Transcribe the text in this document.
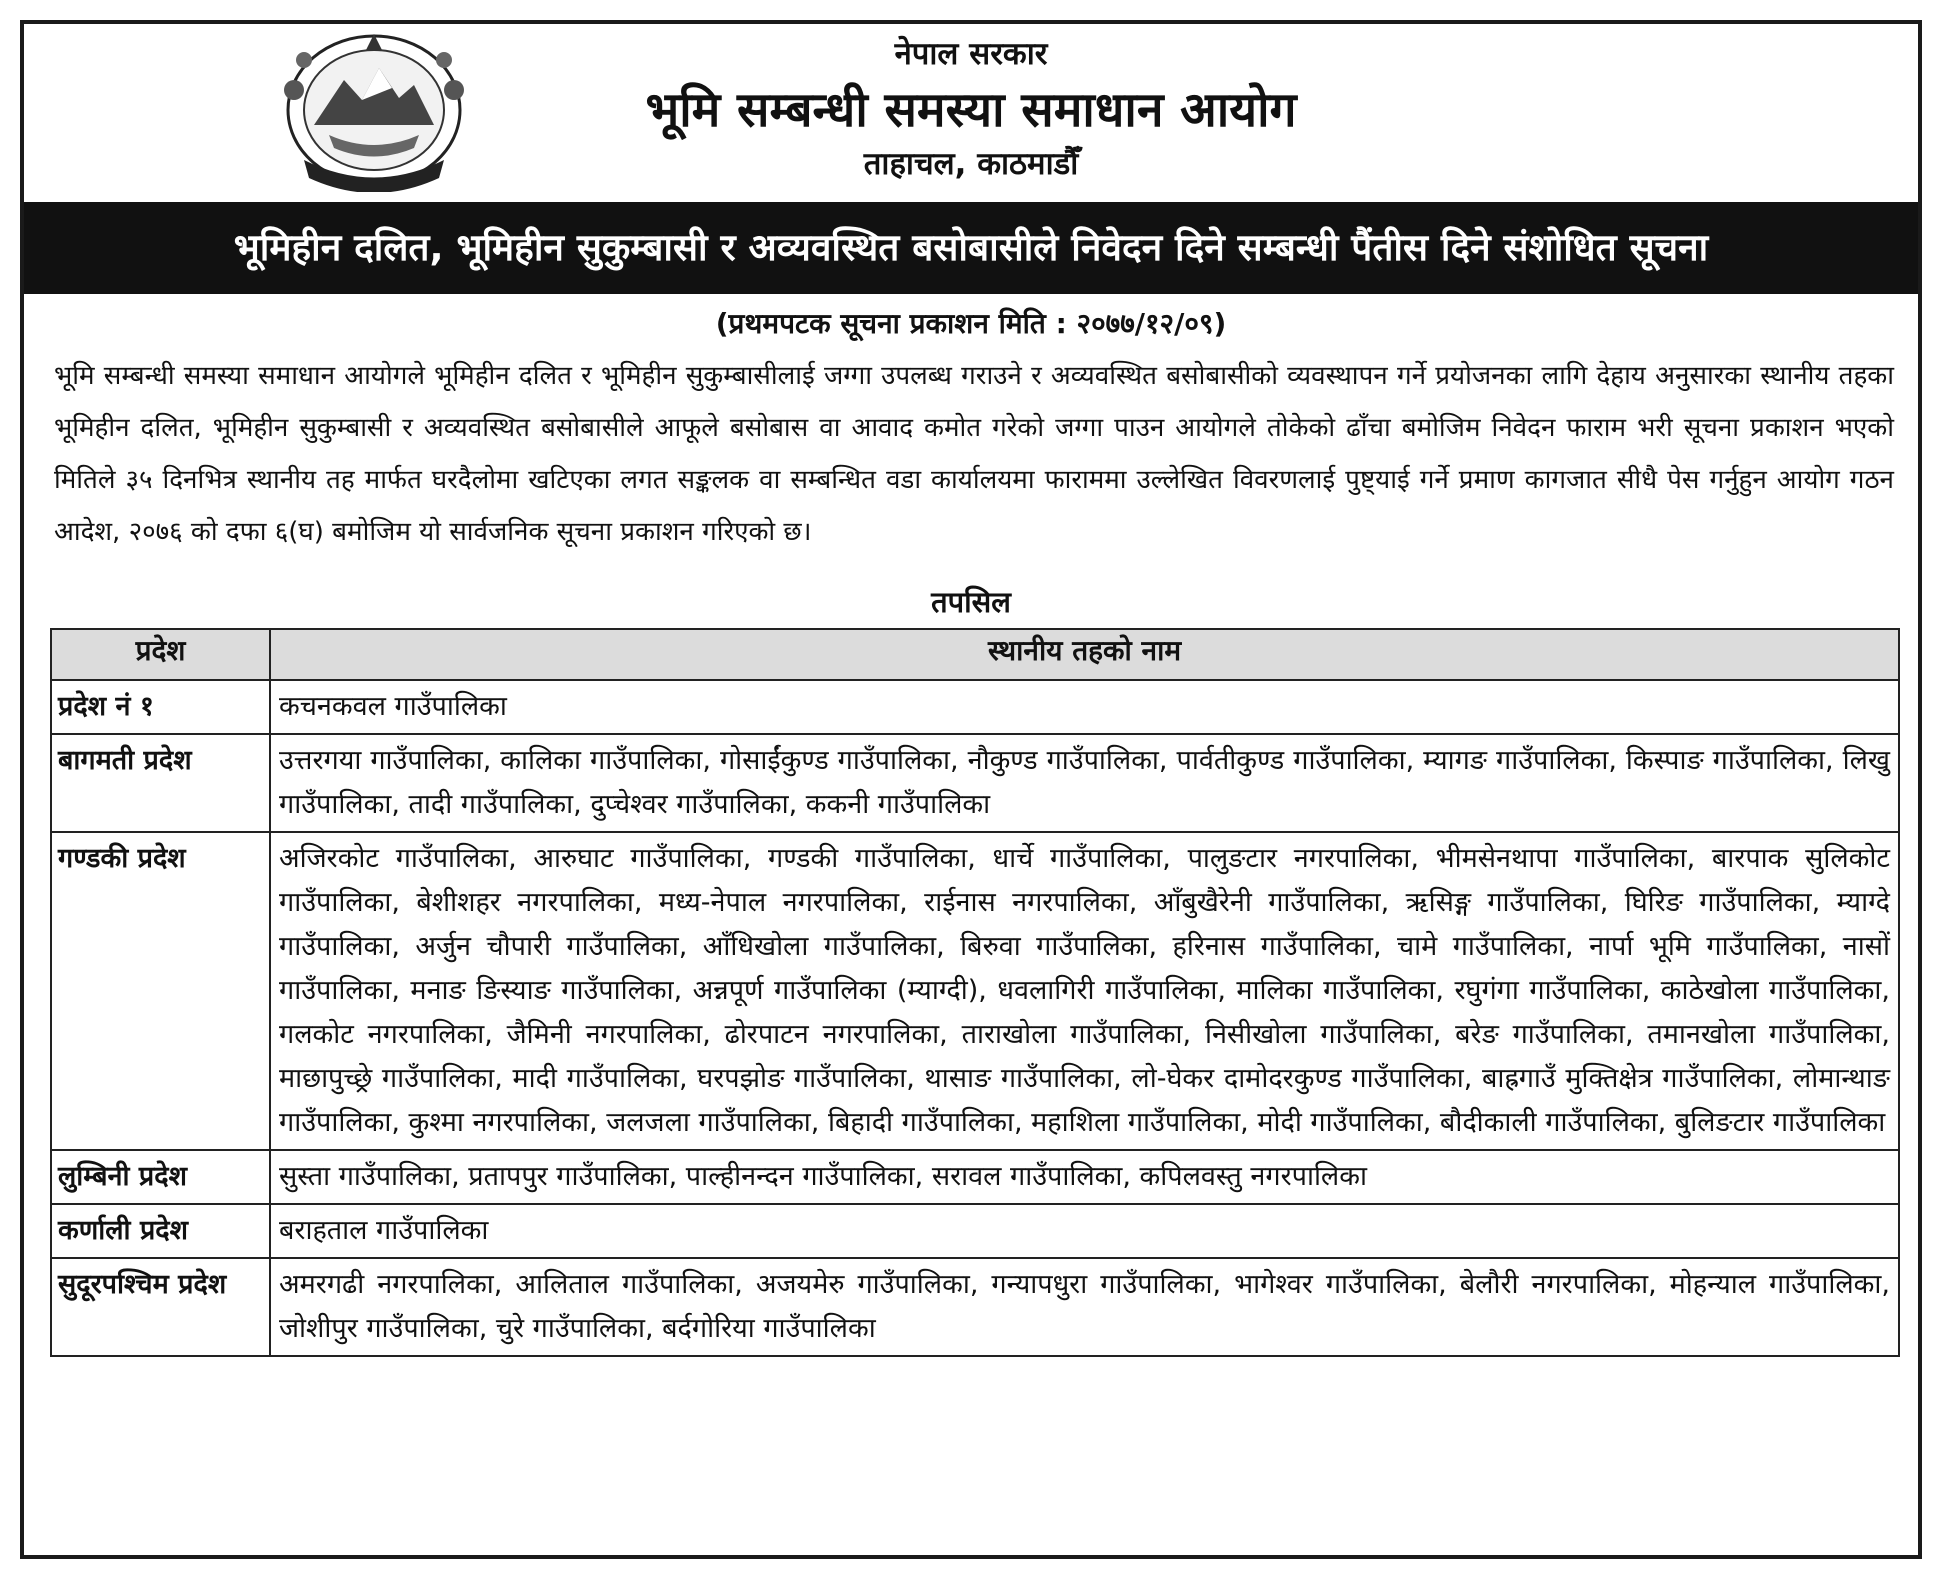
नेपाल सरकार
भूमि सम्बन्धी समस्या समाधान आयोग
ताहाचल, काठमाडौँ
भूमिहीन दलित, भूमिहीन सुकुम्बासी र अव्यवस्थित बसोबासीले निवेदन दिने सम्बन्धी पैंतीस दिने संशोधित सूचना
(प्रथमपटक सूचना प्रकाशन मिति : २०७७/१२/०९)
भूमि सम्बन्धी समस्या समाधान आयोगले भूमिहीन दलित र भूमिहीन सुकुम्बासीलाई जग्गा उपलब्ध गराउने र अव्यवस्थित बसोबासीको व्यवस्थापन गर्ने प्रयोजनका लागि देहाय अनुसारका स्थानीय तहका भूमिहीन दलित, भूमिहीन सुकुम्बासी र अव्यवस्थित बसोबासीले आफूले बसोबास वा आवाद कमोत गरेको जग्गा पाउन आयोगले तोकेको ढाँचा बमोजिम निवेदन फाराम भरी सूचना प्रकाशन भएको मितिले ३५ दिनभित्र स्थानीय तह मार्फत घरदैलोमा खटिएका लगत सङ्कलक वा सम्बन्धित वडा कार्यालयमा फाराममा उल्लेखित विवरणलाई पुष्ट्याई गर्ने प्रमाण कागजात सीधै पेस गर्नुहुन आयोग गठन आदेश, २०७६ को दफा ६(घ) बमोजिम यो सार्वजनिक सूचना प्रकाशन गरिएको छ।
तपसिल
प्रदेश	स्थानीय तहको नाम
प्रदेश नं १	कचनकवल गाउँपालिका
बागमती प्रदेश	उत्तरगया गाउँपालिका, कालिका गाउँपालिका, गोसाईंकुण्ड गाउँपालिका, नौकुण्ड गाउँपालिका, पार्वतीकुण्ड गाउँपालिका, म्यागङ गाउँपालिका, किस्पाङ गाउँपालिका, लिखु गाउँपालिका, तादी गाउँपालिका, दुप्चेश्वर गाउँपालिका, ककनी गाउँपालिका
गण्डकी प्रदेश	अजिरकोट गाउँपालिका, आरुघाट गाउँपालिका, गण्डकी गाउँपालिका, धार्चे गाउँपालिका, पालुङटार नगरपालिका, भीमसेनथापा गाउँपालिका, बारपाक सुलिकोट गाउँपालिका, बेशीशहर नगरपालिका, मध्य-नेपाल नगरपालिका, राईनास नगरपालिका, आँबुखैरेनी गाउँपालिका, ऋसिङ्ग गाउँपालिका, घिरिङ गाउँपालिका, म्याग्दे गाउँपालिका, अर्जुन चौपारी गाउँपालिका, आँधिखोला गाउँपालिका, बिरुवा गाउँपालिका, हरिनास गाउँपालिका, चामे गाउँपालिका, नार्पा भूमि गाउँपालिका, नासों गाउँपालिका, मनाङ ङिस्याङ गाउँपालिका, अन्नपूर्ण गाउँपालिका (म्याग्दी), धवलागिरी गाउँपालिका, मालिका गाउँपालिका, रघुगंगा गाउँपालिका, काठेखोला गाउँपालिका, गलकोट नगरपालिका, जैमिनी नगरपालिका, ढोरपाटन नगरपालिका, ताराखोला गाउँपालिका, निसीखोला गाउँपालिका, बरेङ गाउँपालिका, तमानखोला गाउँपालिका, माछापुच्छ्रे गाउँपालिका, मादी गाउँपालिका, घरपझोङ गाउँपालिका, थासाङ गाउँपालिका, लो-घेकर दामोदरकुण्ड गाउँपालिका, बाह्रगाउँ मुक्तिक्षेत्र गाउँपालिका, लोमान्थाङ गाउँपालिका, कुश्मा नगरपालिका, जलजला गाउँपालिका, बिहादी गाउँपालिका, महाशिला गाउँपालिका, मोदी गाउँपालिका, बौदीकाली गाउँपालिका, बुलिङटार गाउँपालिका
लुम्बिनी प्रदेश	सुस्ता गाउँपालिका, प्रतापपुर गाउँपालिका, पाल्हीनन्दन गाउँपालिका, सरावल गाउँपालिका, कपिलवस्तु नगरपालिका
कर्णाली प्रदेश	बराहताल गाउँपालिका
सुदूरपश्चिम प्रदेश	अमरगढी नगरपालिका, आलिताल गाउँपालिका, अजयमेरु गाउँपालिका, गन्यापधुरा गाउँपालिका, भागेश्वर गाउँपालिका, बेलौरी नगरपालिका, मोहन्याल गाउँपालिका, जोशीपुर गाउँपालिका, चुरे गाउँपालिका, बर्दगोरिया गाउँपालिका
